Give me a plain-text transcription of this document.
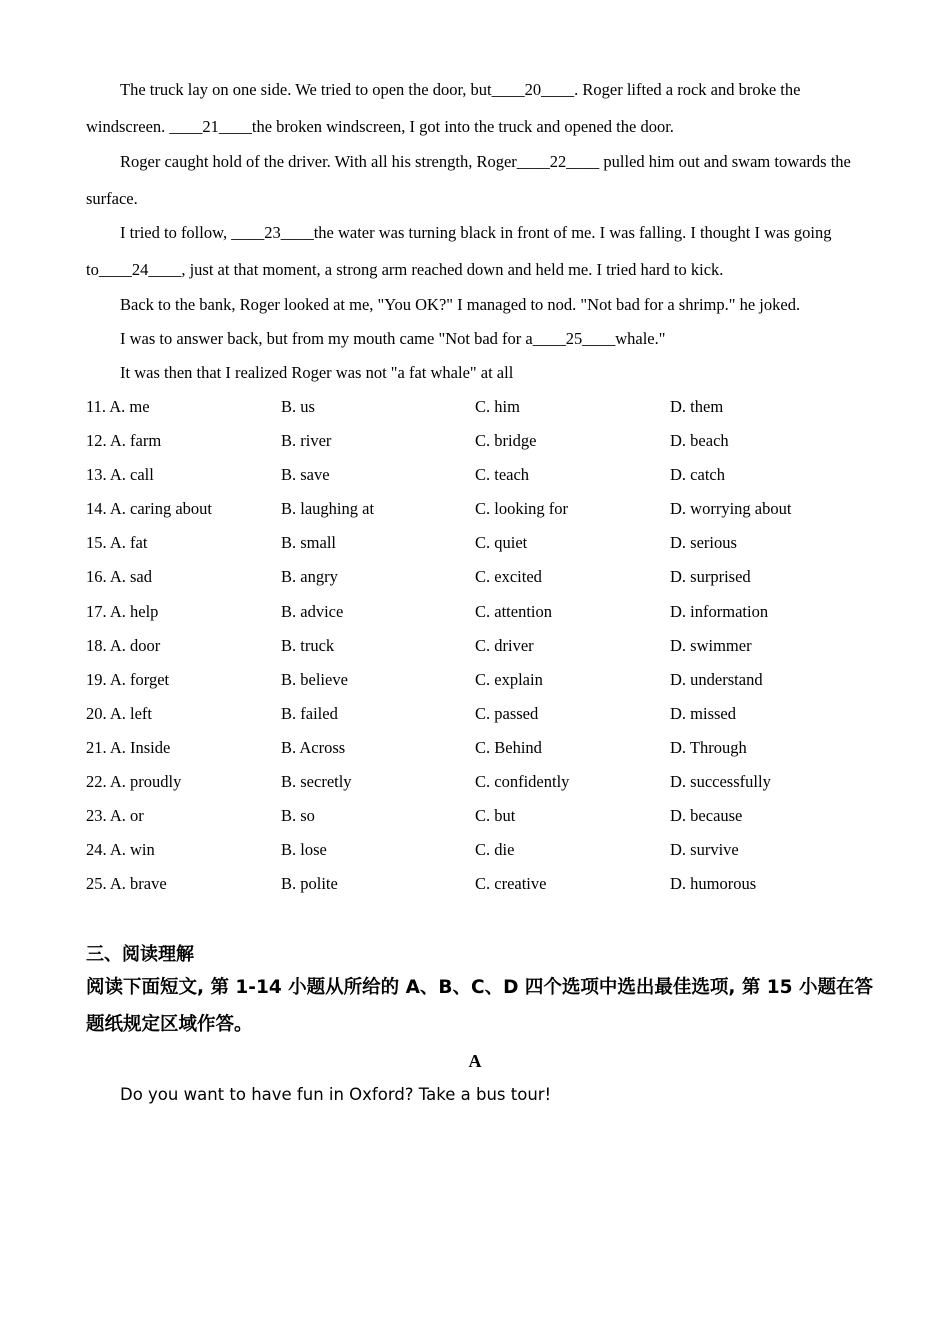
The truck lay on one side. We tried to open the door, but____20____. Roger lifted a rock and broke the
windscreen. ____21____the broken windscreen, I got into the truck and opened the door.
Roger caught hold of the driver. With all his strength, Roger____22____ pulled him out and swam towards the
surface.
I tried to follow, ____23____the water was turning black in front of me. I was falling. I thought I was going
to____24____, just at that moment, a strong arm reached down and held me. I tried hard to kick.
Back to the bank, Roger looked at me, "You OK?" I managed to nod. "Not bad for a shrimp." he joked.
I was to answer back, but from my mouth came "Not bad for a____25____whale."
It was then that I realized Roger was not "a fat whale" at all
11. A. me	B. us	C. him	D. them
12. A. farm	B. river	C. bridge	D. beach
13. A. call	B. save	C. teach	D. catch
14. A. caring about	B. laughing at	C. looking for	D. worrying about
15. A. fat	B. small	C. quiet	D. serious
16. A. sad	B. angry	C. excited	D. surprised
17. A. help	B. advice	C. attention	D. information
18. A. door	B. truck	C. driver	D. swimmer
19. A. forget	B. believe	C. explain	D. understand
20. A. left	B. failed	C. passed	D. missed
21. A. Inside	B. Across	C. Behind	D. Through
22. A. proudly	B. secretly	C. confidently	D. successfully
23. A. or	B. so	C. but	D. because
24. A. win	B. lose	C. die	D. survive
25. A. brave	B. polite	C. creative	D. humorous
三、阅读理解
阅读下面短文, 第 1-14 小题从所给的 A、B、C、D 四个选项中选出最佳选项, 第 15 小题在答
题纸规定区域作答。
A
Do you want to have fun in Oxford? Take a bus tour!
